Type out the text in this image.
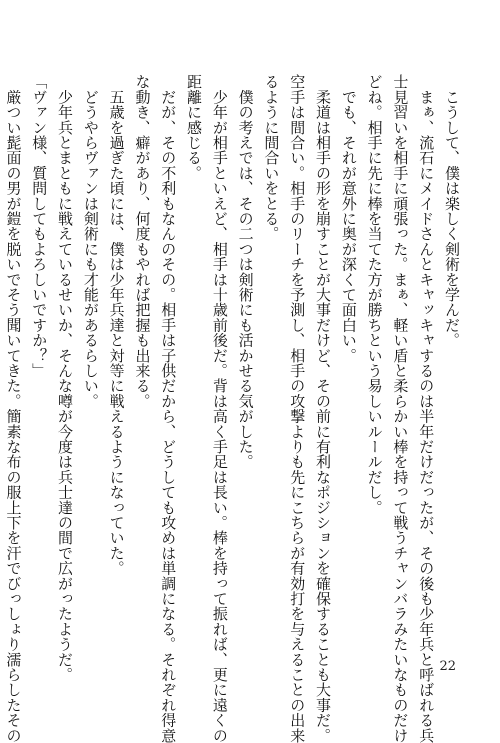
　こうして、僕は楽しく剣術を学んだ。

　まぁ、流石にメイドさんとキャッキャするのは半年だけだったが、その後も少年兵と呼ばれる兵

士見習いを相手に頑張った。まぁ、軽い盾と柔らかい棒を持って戦うチャンバラみたいなものだけ

どね。相手に先に棒を当てた方が勝ちという易しいルールだし。

　でも、それが意外に奥が深くて面白い。

　柔道は相手の形を崩すことが大事だけど、その前に有利なポジションを確保することも大事だ。

空手は間合い。相手のリーチを予測し、相手の攻撃よりも先にこちらが有効打を与えることの出来

るように間合いをとる。

　僕の考えでは、その二つは剣術にも活かせる気がした。

　少年が相手といえど、相手は十歳前後だ。背は高く手足は長い。棒を持って振れば、更に遠くの

距離に感じる。

　だが、その不利もなんのその。相手は子供だから、どうしても攻めは単調になる。それぞれ得意

な動き、癖があり、何度もやれば把握も出来る。

　五歳を過ぎた頃には、僕は少年兵達と対等に戦えるようになっていた。

　どうやらヴァンは剣術にも才能があるらしい。

　少年兵とまともに戦えているせいか、そんな噂が今度は兵士達の間で広がったようだ。

「ヴァン様、質問してもよろしいですか？」

　厳つい髭面の男が鎧を脱いでそう聞いてきた。簡素な布の服上下を汗でびっしょり濡らしたその	22
